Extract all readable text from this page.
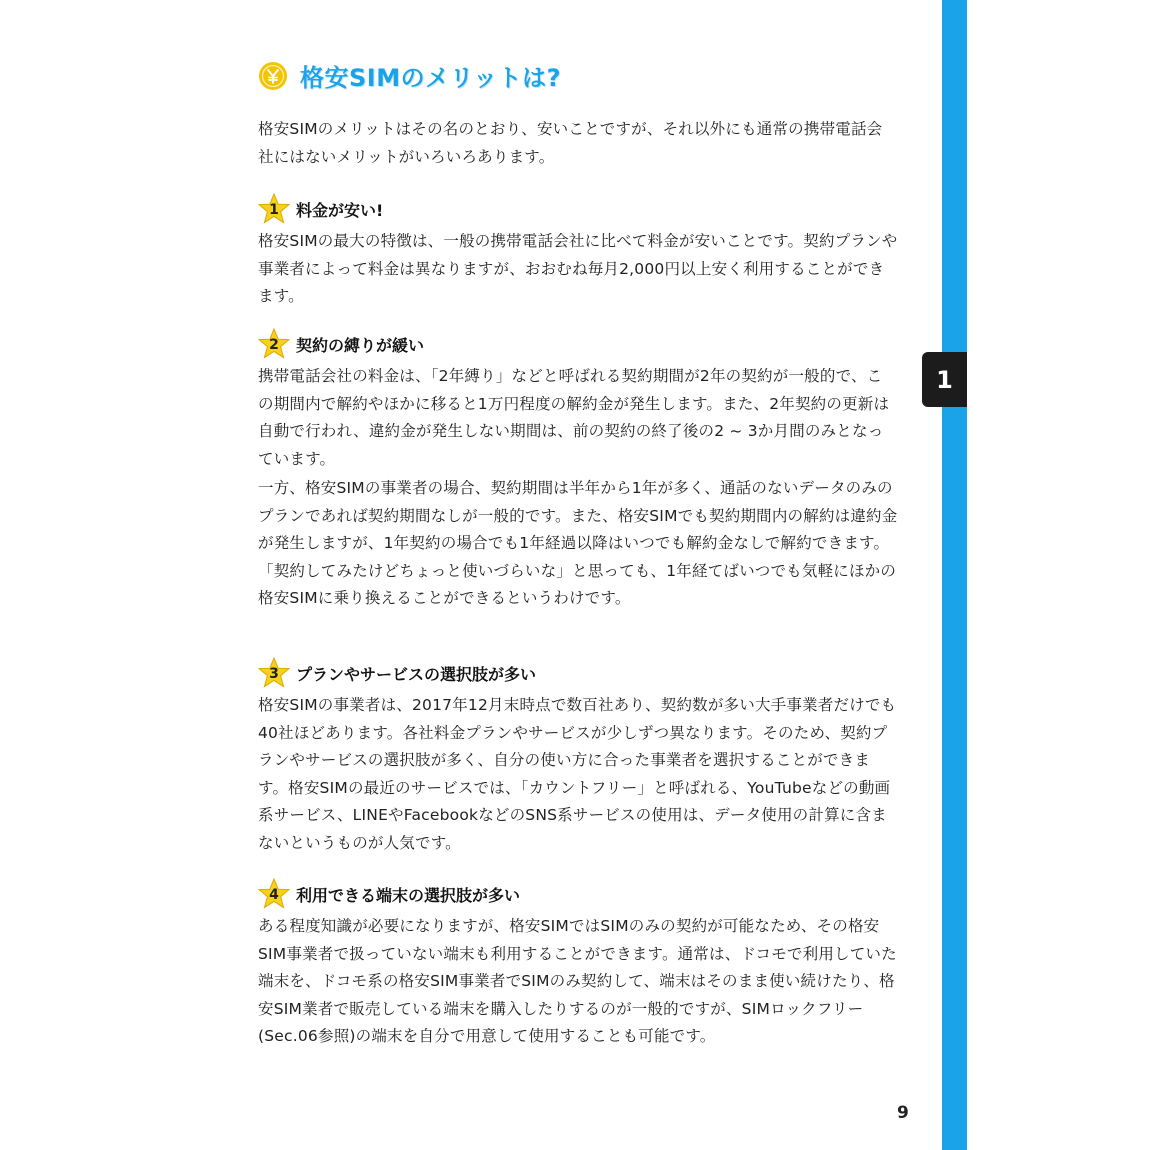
1
格安SIMのメリットは?

格安SIMのメリットはその名のとおり、安いことですが、それ以外にも通常の携帯電話会社にはないメリットがいろいろあります。

1	料金が安い!

格安SIMの最大の特徴は、一般の携帯電話会社に比べて料金が安いことです。契約プランや事業者によって料金は異なりますが、おおむね毎月2,000円以上安く利用することができます。

2	契約の縛りが緩い

携帯電話会社の料金は、「2年縛り」などと呼ばれる契約期間が2年の契約が一般的で、この期間内で解約やほかに移ると1万円程度の解約金が発生します。また、2年契約の更新は自動で行われ、違約金が発生しない期間は、前の契約の終了後の2 ~ 3か月間のみとなっています。

一方、格安SIMの事業者の場合、契約期間は半年から1年が多く、通話のないデータのみのプランであれば契約期間なしが一般的です。また、格安SIMでも契約期間内の解約は違約金が発生しますが、1年契約の場合でも1年経過以降はいつでも解約金なしで解約できます。「契約してみたけどちょっと使いづらいな」と思っても、1年経てばいつでも気軽にほかの格安SIMに乗り換えることができるというわけです。

3	プランやサービスの選択肢が多い

格安SIMの事業者は、2017年12月末時点で数百社あり、契約数が多い大手事業者だけでも40社ほどあります。各社料金プランやサービスが少しずつ異なります。そのため、契約プランやサービスの選択肢が多く、自分の使い方に合った事業者を選択することができます。格安SIMの最近のサービスでは、「カウントフリー」と呼ばれる、YouTubeなどの動画系サービス、LINEやFacebookなどのSNS系サービスの使用は、データ使用の計算に含まないというものが人気です。

4	利用できる端末の選択肢が多い

ある程度知識が必要になりますが、格安SIMではSIMのみの契約が可能なため、その格安SIM事業者で扱っていない端末も利用することができます。通常は、ドコモで利用していた端末を、ドコモ系の格安SIM事業者でSIMのみ契約して、端末はそのまま使い続けたり、格安SIM業者で販売している端末を購入したりするのが一般的ですが、SIMロックフリー(Sec.06参照)の端末を自分で用意して使用することも可能です。

9
